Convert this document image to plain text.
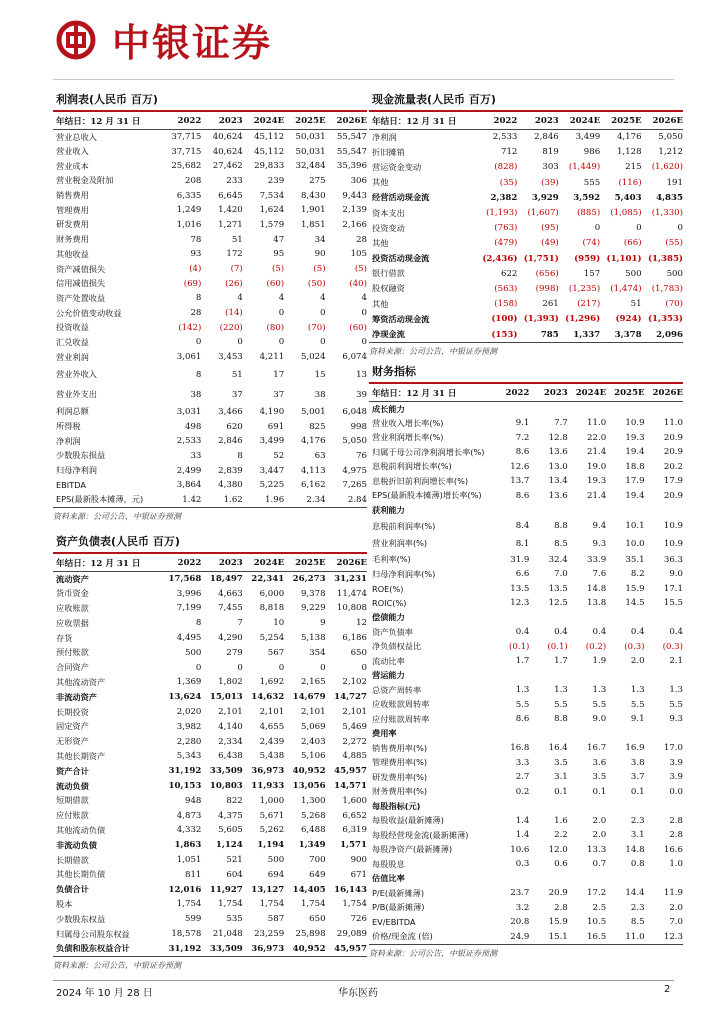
中银证券
利润表(人民币 百万)
年结日：12 月 31 日	2022	2023	2024E	2025E	2026E
营业总收入	37,715	40,624	45,112	50,031	55,547
营业收入	37,715	40,624	45,112	50,031	55,547
营业成本	25,682	27,462	29,833	32,484	35,396
营业税金及附加	208	233	239	275	306
销售费用	6,335	6,645	7,534	8,430	9,443
管理费用	1,249	1,420	1,624	1,901	2,139
研发费用	1,016	1,271	1,579	1,851	2,166
财务费用	78	51	47	34	28
其他收益	93	172	95	90	105
资产减值损失	(4)	(7)	(5)	(5)	(5)
信用减值损失	(69)	(26)	(60)	(50)	(40)
资产处置收益	8	4	4	4	4
公允价值变动收益	28	(14)	0	0	0
投资收益	(142)	(220)	(80)	(70)	(60)
汇兑收益	0	0	0	0	0
营业利润	3,061	3,453	4,211	5,024	6,074
营业外收入	8	51	17	15	13
营业外支出	38	37	37	38	39
利润总额	3,031	3,466	4,190	5,001	6,048
所得税	498	620	691	825	998
净利润	2,533	2,846	3,499	4,176	5,050
少数股东损益	33	8	52	63	76
归母净利润	2,499	2,839	3,447	4,113	4,975
EBITDA	3,864	4,380	5,225	6,162	7,265
EPS(最新股本摊薄，元)	1.42	1.62	1.96	2.34	2.84
资料来源：公司公告，中银证券预测
资产负债表(人民币 百万)
年结日：12 月 31 日	2022	2023	2024E	2025E	2026E
流动资产	17,568	18,497	22,341	26,273	31,231
货币资金	3,996	4,663	6,000	9,378	11,474
应收账款	7,199	7,455	8,818	9,229	10,808
应收票据	8	7	10	9	12
存货	4,495	4,290	5,254	5,138	6,186
预付账款	500	279	567	354	650
合同资产	0	0	0	0	0
其他流动资产	1,369	1,802	1,692	2,165	2,102
非流动资产	13,624	15,013	14,632	14,679	14,727
长期投资	2,020	2,101	2,101	2,101	2,101
固定资产	3,982	4,140	4,655	5,069	5,469
无形资产	2,280	2,334	2,439	2,403	2,272
其他长期资产	5,343	6,438	5,438	5,106	4,885
资产合计	31,192	33,509	36,973	40,952	45,957
流动负债	10,153	10,803	11,933	13,056	14,571
短期借款	948	822	1,000	1,300	1,600
应付账款	4,873	4,375	5,671	5,268	6,652
其他流动负债	4,332	5,605	5,262	6,488	6,319
非流动负债	1,863	1,124	1,194	1,349	1,571
长期借款	1,051	521	500	700	900
其他长期负债	811	604	694	649	671
负债合计	12,016	11,927	13,127	14,405	16,143
股本	1,754	1,754	1,754	1,754	1,754
少数股东权益	599	535	587	650	726
归属母公司股东权益	18,578	21,048	23,259	25,898	29,089
负债和股东权益合计	31,192	33,509	36,973	40,952	45,957
资料来源：公司公告，中银证券预测
现金流量表(人民币 百万)
年结日：12 月 31 日	2022	2023	2024E	2025E	2026E
净利润	2,533	2,846	3,499	4,176	5,050
折旧摊销	712	819	986	1,128	1,212
营运资金变动	(828)	303	(1,449)	215	(1,620)
其他	(35)	(39)	555	(116)	191
经营活动现金流	2,382	3,929	3,592	5,403	4,835
资本支出	(1,193)	(1,607)	(885)	(1,085)	(1,330)
投资变动	(763)	(95)	0	0	0
其他	(479)	(49)	(74)	(66)	(55)
投资活动现金流	(2,436)	(1,751)	(959)	(1,101)	(1,385)
银行借款	622	(656)	157	500	500
股权融资	(563)	(998)	(1,235)	(1,474)	(1,783)
其他	(158)	261	(217)	51	(70)
筹资活动现金流	(100)	(1,393)	(1,296)	(924)	(1,353)
净现金流	(153)	785	1,337	3,378	2,096
资料来源：公司公告，中银证券预测
财务指标
年结日：12 月 31 日	2022	2023	2024E	2025E	2026E
成长能力					
营业收入增长率(%)	9.1	7.7	11.0	10.9	11.0
营业利润增长率(%)	7.2	12.8	22.0	19.3	20.9
归属于母公司净利润增长率(%)	8.6	13.6	21.4	19.4	20.9
息税前利润增长率(%)	12.6	13.0	19.0	18.8	20.2
息税折旧前利润增长率(%)	13.7	13.4	19.3	17.9	17.9
EPS(最新股本摊薄)增长率(%)	8.6	13.6	21.4	19.4	20.9
获利能力					
息税前利润率(%)	8.4	8.8	9.4	10.1	10.9
营业利润率(%)	8.1	8.5	9.3	10.0	10.9
毛利率(%)	31.9	32.4	33.9	35.1	36.3
归母净利润率(%)	6.6	7.0	7.6	8.2	9.0
ROE(%)	13.5	13.5	14.8	15.9	17.1
ROIC(%)	12.3	12.5	13.8	14.5	15.5
偿债能力					
资产负债率	0.4	0.4	0.4	0.4	0.4
净负债权益比	(0.1)	(0.1)	(0.2)	(0.3)	(0.3)
流动比率	1.7	1.7	1.9	2.0	2.1
营运能力					
总资产周转率	1.3	1.3	1.3	1.3	1.3
应收账款周转率	5.5	5.5	5.5	5.5	5.5
应付账款周转率	8.6	8.8	9.0	9.1	9.3
费用率					
销售费用率(%)	16.8	16.4	16.7	16.9	17.0
管理费用率(%)	3.3	3.5	3.6	3.8	3.9
研发费用率(%)	2.7	3.1	3.5	3.7	3.9
财务费用率(%)	0.2	0.1	0.1	0.1	0.0
每股指标(元)					
每股收益(最新摊薄)	1.4	1.6	2.0	2.3	2.8
每股经营现金流(最新摊薄)	1.4	2.2	2.0	3.1	2.8
每股净资产(最新摊薄)	10.6	12.0	13.3	14.8	16.6
每股股息	0.3	0.6	0.7	0.8	1.0
估值比率					
P/E(最新摊薄)	23.7	20.9	17.2	14.4	11.9
P/B(最新摊薄)	3.2	2.8	2.5	2.3	2.0
EV/EBITDA	20.8	15.9	10.5	8.5	7.0
价格/现金流 (倍)	24.9	15.1	16.5	11.0	12.3
资料来源：公司公告，中银证券预测
2024 年 10 月 28 日	华东医药	2
